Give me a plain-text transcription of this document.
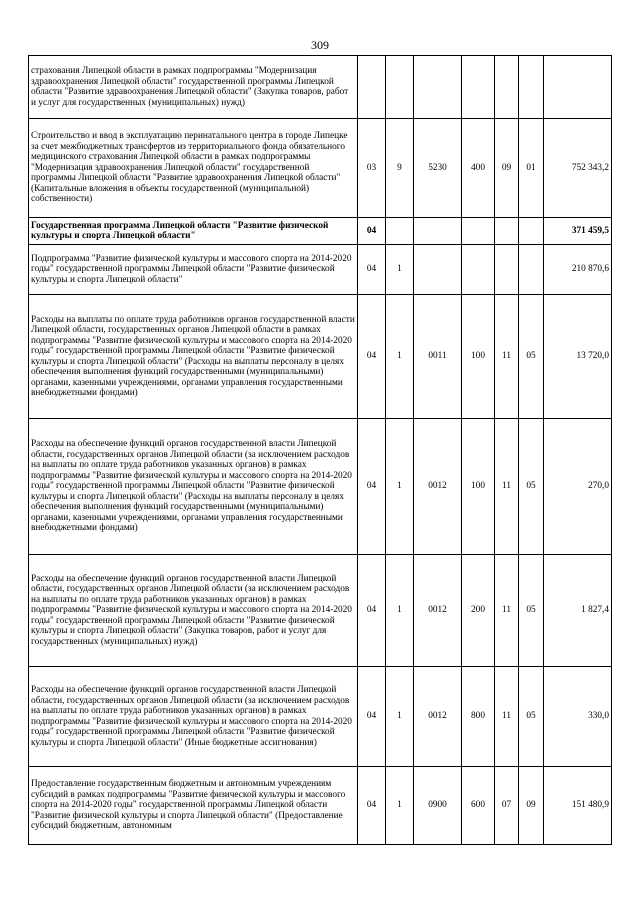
309
страхования Липецкой области в рамках подпрограммы "Модернизация здравоохранения Липецкой области" государственной программы Липецкой области "Развитие здравоохранения Липецкой области" (Закупка товаров, работ и услуг для государственных (муниципальных) нужд)							
Строительство и ввод в эксплуатацию перинатального центра в городе Липецке за счет межбюджетных трансфертов из территориального фонда обязательного медицинского страхования Липецкой области в рамках подпрограммы "Модернизация здравоохранения Липецкой области" государственной программы Липецкой области "Развитие здравоохранения Липецкой области" (Капитальные вложения в объекты государственной (муниципальной) собственности)	03	9	5230	400	09	01	752 343,2
Государственная программа Липецкой области "Развитие физической культуры и спорта Липецкой области"	04						371 459,5
Подпрограмма "Развитие физической культуры и массового спорта на 2014-2020 годы" государственной программы Липецкой области "Развитие физической культуры и спорта Липецкой области"	04	1					210 870,6
Расходы на выплаты по оплате труда работников органов государственной власти Липецкой области, государственных органов Липецкой области в рамках подпрограммы "Развитие физической культуры и массового спорта на 2014-2020 годы" государственной программы Липецкой области "Развитие физической культуры и спорта Липецкой области" (Расходы на выплаты персоналу в целях обеспечения выполнения функций государственными (муниципальными) органами, казенными учреждениями, органами управления государственными внебюджетными фондами)	04	1	0011	100	11	05	13 720,0
Расходы на обеспечение функций органов государственной власти Липецкой области, государственных органов Липецкой области (за исключением расходов на выплаты по оплате труда работников указанных органов) в рамках подпрограммы "Развитие физической культуры и массового спорта на 2014-2020 годы" государственной программы Липецкой области "Развитие физической культуры и спорта Липецкой области" (Расходы на выплаты персоналу в целях обеспечения выполнения функций государственными (муниципальными) органами, казенными учреждениями, органами управления государственными внебюджетными фондами)	04	1	0012	100	11	05	270,0
Расходы на обеспечение функций органов государственной власти Липецкой области, государственных органов Липецкой области (за исключением расходов на выплаты по оплате труда работников указанных органов) в рамках подпрограммы "Развитие физической культуры и массового спорта на 2014-2020 годы" государственной программы Липецкой области "Развитие физической культуры и спорта Липецкой области" (Закупка товаров, работ и услуг для государственных (муниципальных) нужд)	04	1	0012	200	11	05	1 827,4
Расходы на обеспечение функций органов государственной власти Липецкой области, государственных органов Липецкой области (за исключением расходов на выплаты по оплате труда работников указанных органов) в рамках подпрограммы "Развитие физической культуры и массового спорта на 2014-2020 годы" государственной программы Липецкой области "Развитие физической культуры и спорта Липецкой области" (Иные бюджетные ассигнования)	04	1	0012	800	11	05	330,0
Предоставление государственным бюджетным и автономным учреждениям субсидий в рамках подпрограммы "Развитие физической культуры и массового спорта на 2014-2020 годы" государственной программы Липецкой области "Развитие физической культуры и спорта Липецкой области" (Предоставление субсидий бюджетным, автономным	04	1	0900	600	07	09	151 480,9
